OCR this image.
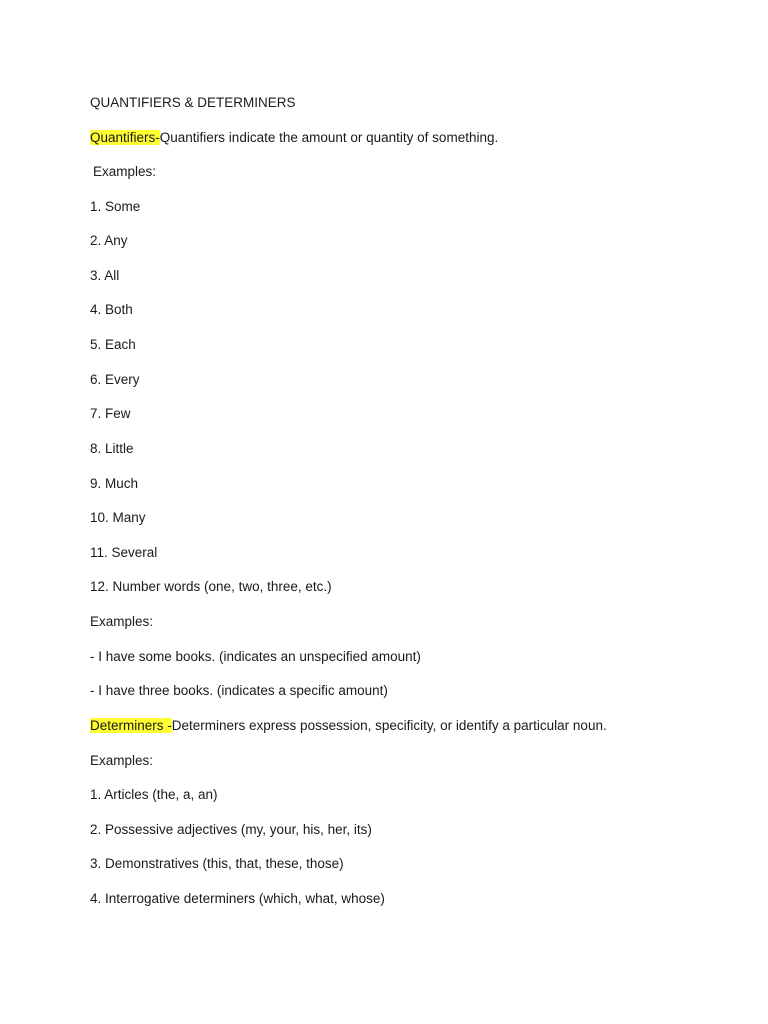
QUANTIFIERS & DETERMINERS
Quantifiers-Quantifiers indicate the amount or quantity of something.
Examples:
1. Some
2. Any
3. All
4. Both
5. Each
6. Every
7. Few
8. Little
9. Much
10. Many
11. Several
12. Number words (one, two, three, etc.)
Examples:
- I have some books. (indicates an unspecified amount)
- I have three books. (indicates a specific amount)
Determiners -Determiners express possession, specificity, or identify a particular noun.
Examples:
1. Articles (the, a, an)
2. Possessive adjectives (my, your, his, her, its)
3. Demonstratives (this, that, these, those)
4. Interrogative determiners (which, what, whose)
